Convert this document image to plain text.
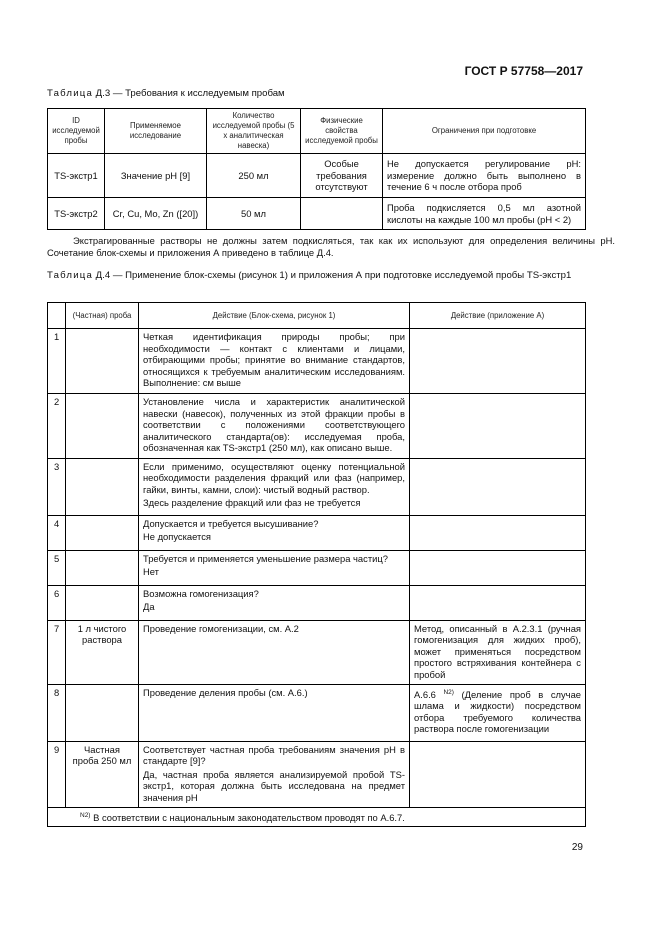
ГОСТ Р 57758—2017
Таблица Д.3 — Требования к исследуемым пробам
ID исследуемой пробы	Применяемое исследование	Количество исследуемой пробы (5 х аналитическая навеска)	Физические свойства исследуемой пробы	Ограничения при подготовке
TS-экстр1	Значение рН [9]	250 мл	Особые требования отсутствуют	Не допускается регулирование рН: измерение должно быть выполнено в течение 6 ч после отбора проб
TS-экстр2	Cr, Cu, Mo, Zn ([20])	50 мл		Проба подкисляется 0,5 мл азотной кислоты на каждые 100 мл пробы (рН < 2)
Экстрагированные растворы не должны затем подкисляться, так как их используют для определения величины рН. Сочетание блок-схемы и приложения А приведено в таблице Д.4.
Таблица Д.4 — Применение блок-схемы (рисунок 1) и приложения А при подготовке исследуемой пробы TS-экстр1
	(Частная) проба	Действие (Блок-схема, рисунок 1)	Действие (приложение А)
1		Четкая идентификация природы пробы; при необходимости — контакт с клиентами и лицами, отбирающими пробы; принятие во внимание стандартов, относящихся к требуемым аналитическим исследованиям. Выполнение: см выше	

2		Установление числа и характеристик аналитической навески (навесок), полученных из этой фракции пробы в соответствии с положениями соответствующего аналитического стандарта(ов): исследуемая проба, обозначенная как TS-экстр1 (250 мл), как описано выше.	

3		Если применимо, осуществляют оценку потенциальной необходимости разделения фракций или фаз (например, гайки, винты, камни, слои): чистый водный раствор.

Здесь разделение фракций или фаз не требуется	

4		Допускается и требуется высушивание?

Не допускается	

5		Требуется и применяется уменьшение размера частиц?

Нет	

6		Возможна гомогенизация?

Да	

7	1 л чистого раствора	Проведение гомогенизации, см. А.2	Метод, описанный в А.2.3.1 (ручная гомогенизация для жидких проб), может применяться посредством простого встряхивания контейнера с пробой
8		Проведение деления пробы (см. А.6.)	А.6.6 $^{N2)}$ (Деление проб в случае шлама и жидкости) посредством отбора требуемого количества раствора после гомогенизации
9	Частная проба 250 мл	Соответствует частная проба требованиям значения рН в стандарте [9]?

Да, частная проба является анализируемой пробой TS-экстр1, которая должна быть исследована на предмет значения рН	

$^{N2)}$ В соответствии с национальным законодательством проводят по А.6.7.			
29
